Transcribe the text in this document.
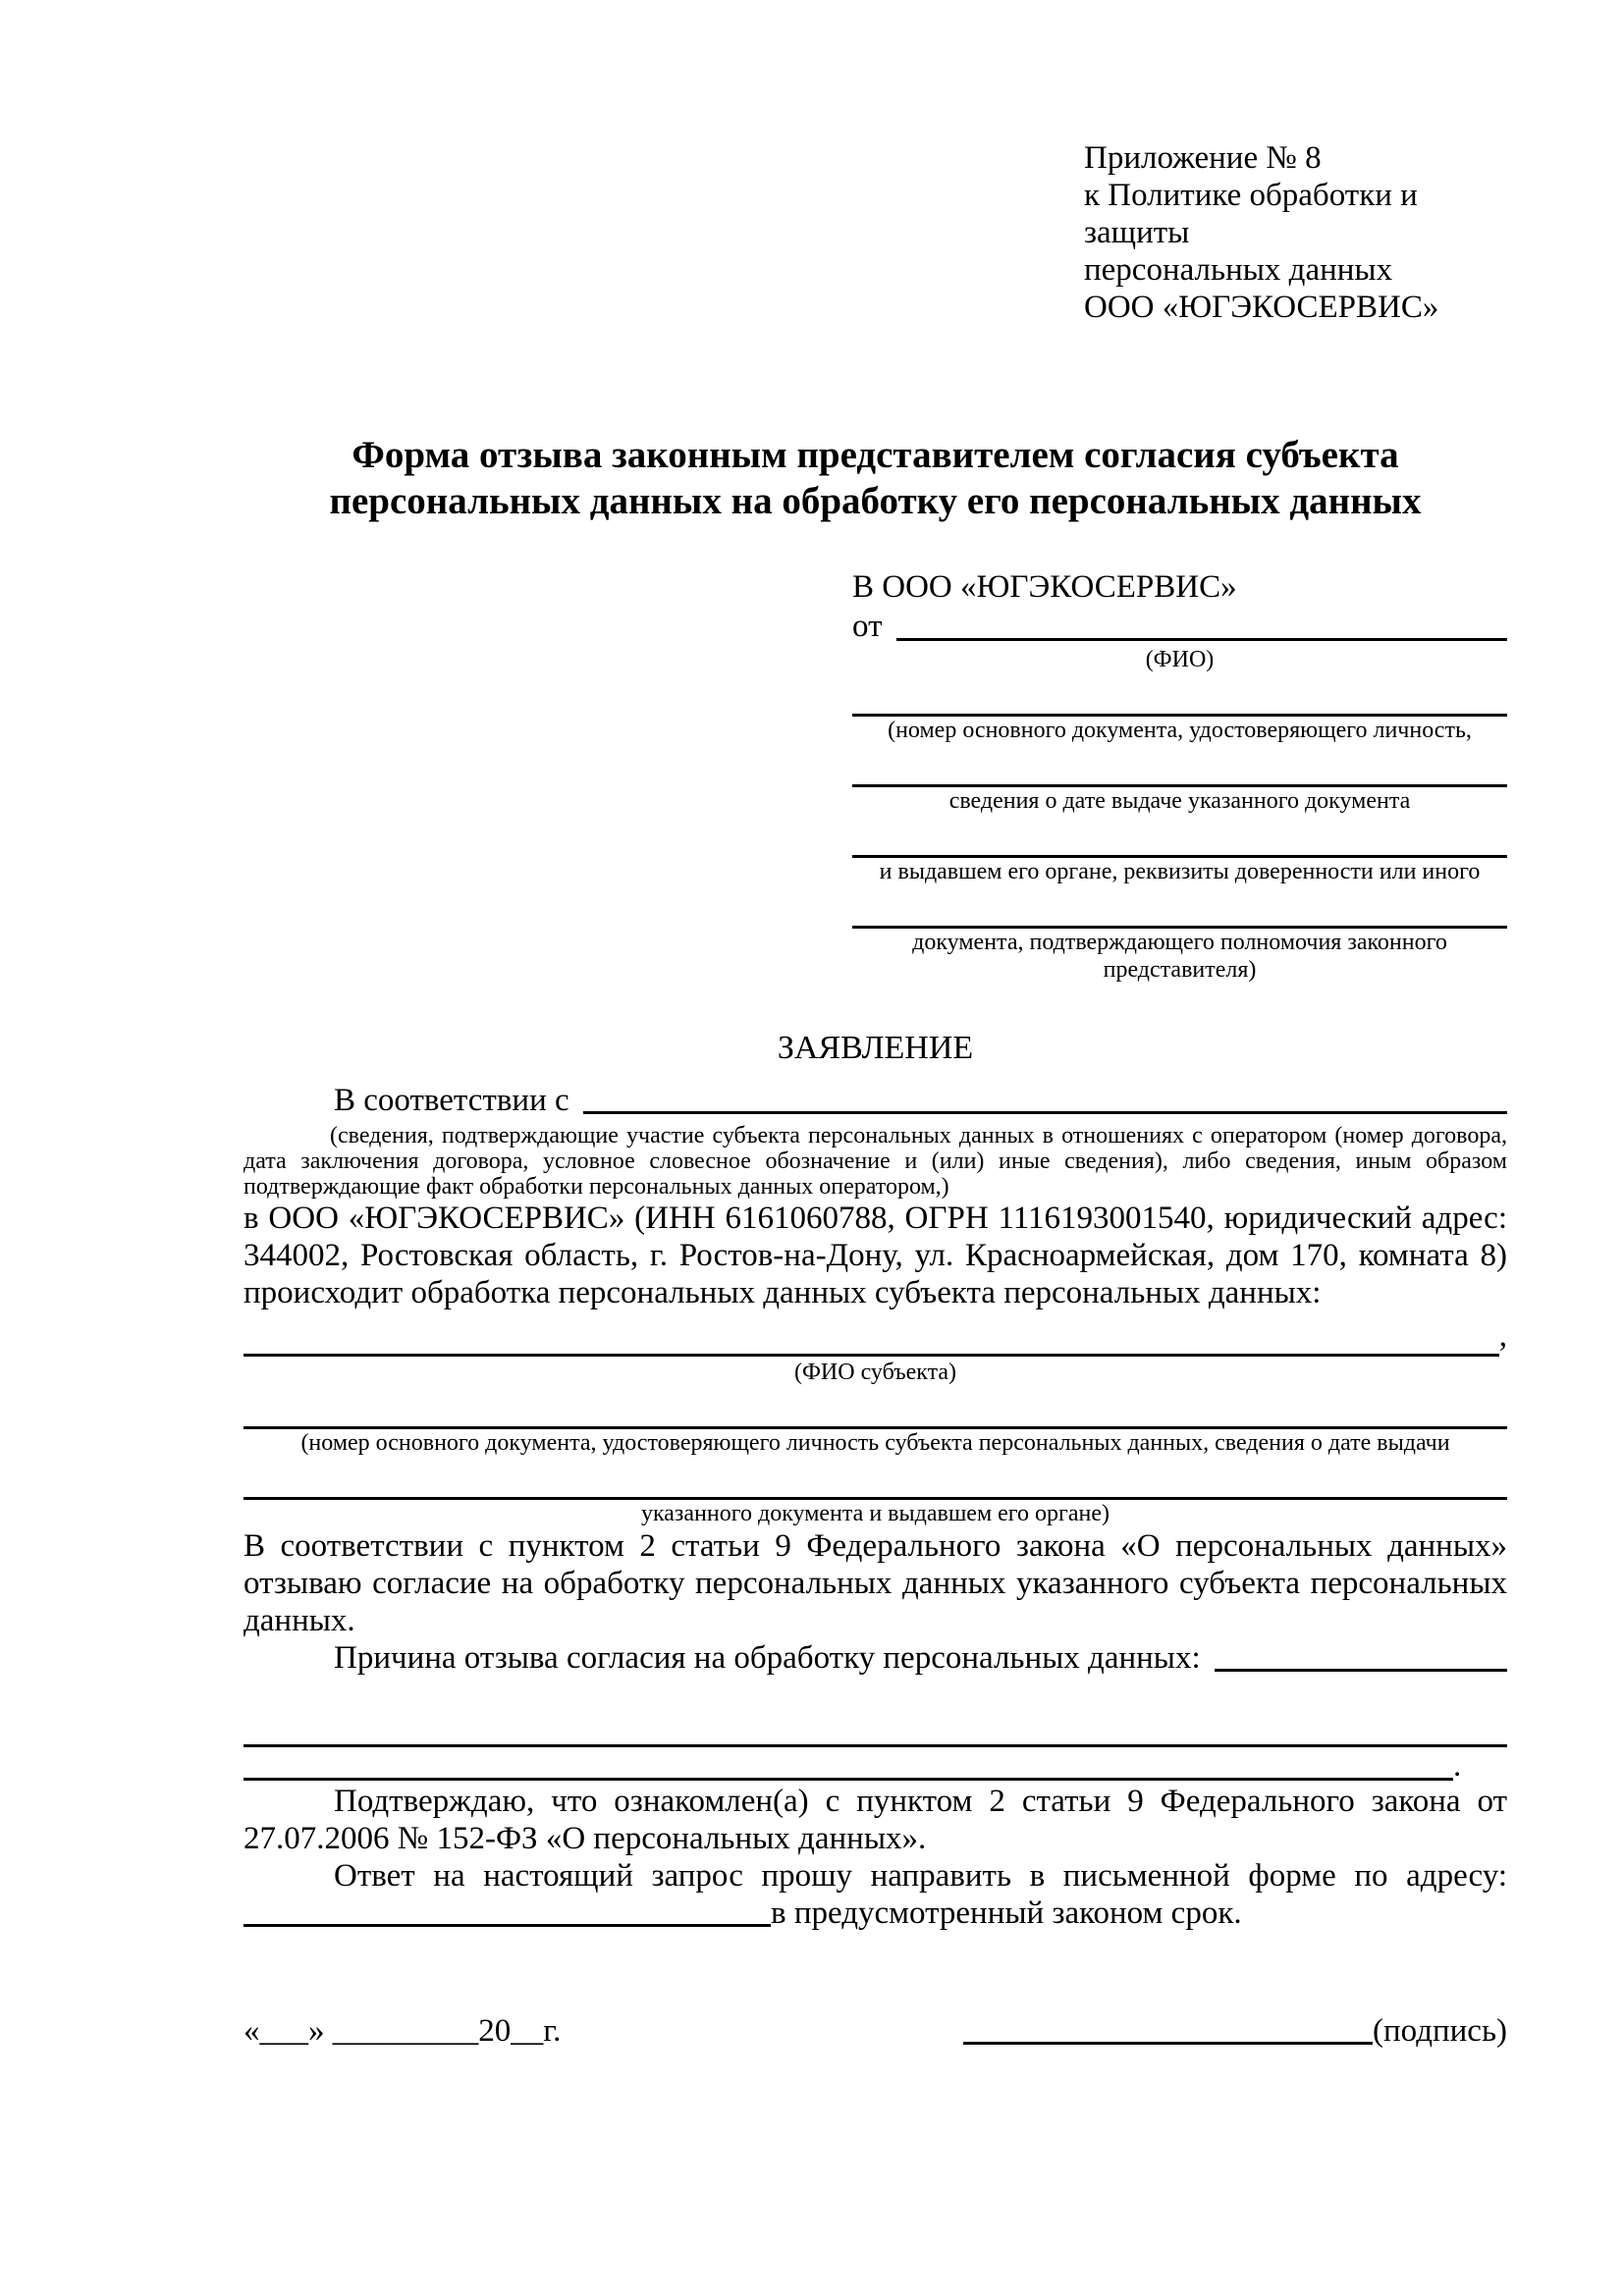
Приложение № 8
к Политике обработки и защиты
персональных данных
ООО «ЮГЭКОСЕРВИС»
Форма отзыва законным представителем согласия субъекта
персональных данных на обработку его персональных данных
В ООО «ЮГЭКОСЕРВИС»
от
(ФИО)
(номер основного документа, удостоверяющего личность,
сведения о дате выдаче указанного документа
и выдавшем его органе, реквизиты доверенности или иного
документа, подтверждающего полномочия законного представителя)
ЗАЯВЛЕНИЕ
В соответствии с
(сведения, подтверждающие участие субъекта персональных данных в отношениях с оператором (номер договора, дата заключения договора, условное словесное обозначение и (или) иные сведения), либо сведения, иным образом подтверждающие факт обработки персональных данных оператором,)
в ООО «ЮГЭКОСЕРВИС» (ИНН 6161060788, ОГРН 1116193001540, юридический адрес: 344002, Ростовская область, г. Ростов-на-Дону, ул. Красноармейская, дом 170, комната 8) происходит обработка персональных данных субъекта персональных данных:
,
(ФИО субъекта)
(номер основного документа, удостоверяющего личность субъекта персональных данных, сведения о дате выдачи
указанного документа и выдавшем его органе)
В соответствии с пунктом 2 статьи 9 Федерального закона «О персональных данных» отзываю согласие на обработку персональных данных указанного субъекта персональных данных.
Причина отзыва согласия на обработку персональных данных:
.
Подтверждаю, что ознакомлен(а) с пунктом 2 статьи 9 Федерального закона от 27.07.2006 № 152-ФЗ «О персональных данных».
Ответ на настоящий запрос прошу направить в письменной форме по адресу:
в предусмотренный законом срок.
«___» _________20__г.	(подпись)
